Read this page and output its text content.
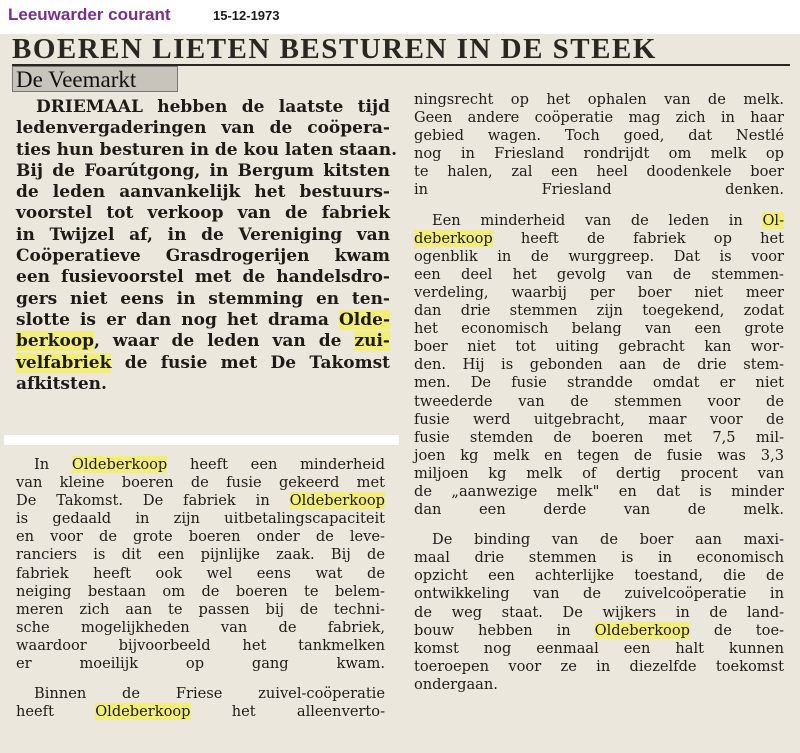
Leeuwarder courant	15-12-1973
BOEREN LIETEN BESTUREN IN DE STEEK
De Veemarkt

DRIEMAAL hebben de laatste tijd
ledenvergaderingen van de coöpera-
ties hun besturen in de kou laten staan.
Bij de Foarútgong, in Bergum kitsten
de leden aanvankelijk het bestuurs-
voorstel tot verkoop van de fabriek
in Twijzel af, in de Vereniging van
Coöperatieve Grasdrogerijen kwam
een fusievoorstel met de handelsdro-
gers niet eens in stemming en ten-
slotte is er dan nog het drama Olde-
berkoop, waar de leden van de zui-
velfabriek de fusie met De Takomst
afkitsten.

In Oldeberkoop heeft een minderheid
van kleine boeren de fusie gekeerd met
De Takomst. De fabriek in Oldeberkoop
is gedaald in zijn uitbetalingscapaciteit
en voor de grote boeren onder de leve-
ranciers is dit een pijnlijke zaak. Bij de
fabriek heeft ook wel eens wat de
neiging bestaan om de boeren te belem-
meren zich aan te passen bij de techni-
sche mogelijkheden van de fabriek,
waardoor bijvoorbeeld het tankmelken
er moeilijk op gang kwam.

Binnen de Friese zuivel-coöperatie
heeft	Oldeberkoop	het alleenverto-

ningsrecht op het ophalen van de melk.
Geen andere coöperatie mag zich in haar
gebied wagen. Toch goed, dat Nestlé
nog in Friesland rondrijdt om melk op
te halen, zal een heel doodenkele boer
in Friesland denken.

Een minderheid van de leden in Ol-
deberkoop heeft de fabriek op het
ogenblik in de wurggreep. Dat is voor
een deel het gevolg van de stemmen-
verdeling, waarbij per boer niet meer
dan drie stemmen zijn toegekend, zodat
het economisch belang van een grote
boer niet tot uiting gebracht kan wor-
den. Hij is gebonden aan de drie stem-
men. De fusie strandde omdat er niet
tweederde van de stemmen voor de
fusie werd uitgebracht, maar voor de
fusie stemden de boeren met 7,5 mil-
joen kg melk en tegen de fusie was 3,3
miljoen kg melk of dertig procent van
de „aanwezige melk" en dat is minder
dan een derde van de melk.

De binding van de boer aan maxi-
maal drie stemmen is in economisch
opzicht een achterlijke toestand, die de
ontwikkeling van de zuivelcoöperatie in
de weg staat. De wijkers in de land-
bouw hebben in Oldeberkoop de toe-
komst nog eenmaal een halt kunnen
toeroepen voor ze in diezelfde toekomst
ondergaan.
